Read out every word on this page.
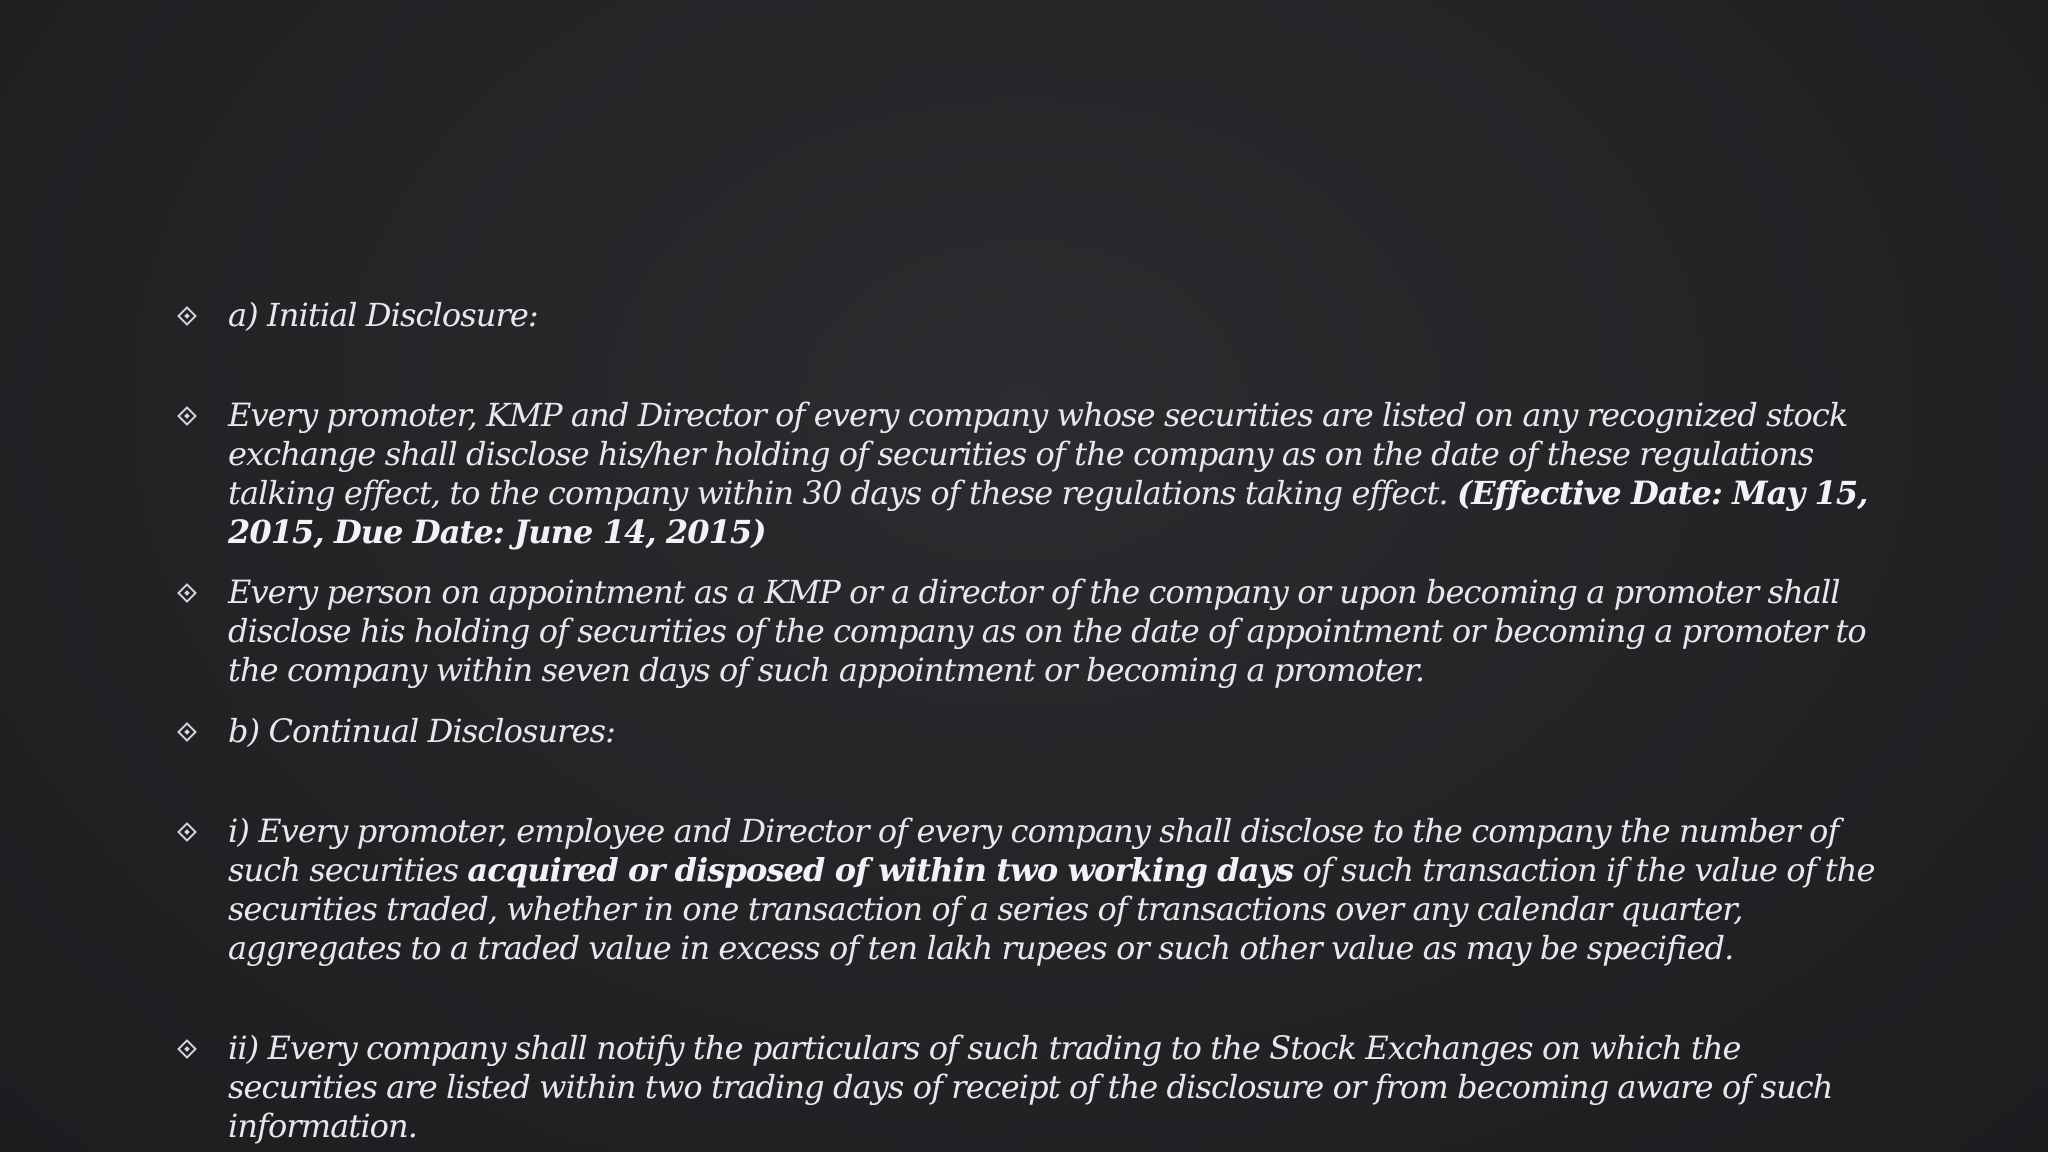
a) Initial Disclosure:
Every promoter, KMP and Director of every company whose securities are listed on any recognized stock exchange shall disclose his/her holding of securities of the company as on the date of these regulations talking effect, to the company within 30 days of these regulations taking effect. (Effective Date: May 15, 2015, Due Date: June 14, 2015)
Every person on appointment as a KMP or a director of the company or upon becoming a promoter shall disclose his holding of securities of the company as on the date of appointment or becoming a promoter to the company within seven days of such appointment or becoming a promoter.
b) Continual Disclosures:
i) Every promoter, employee and Director of every company shall disclose to the company the number of such securities acquired or disposed of within two working days of such transaction if the value of the securities traded, whether in one transaction of a series of transactions over any calendar quarter, aggregates to a traded value in excess of ten lakh rupees or such other value as may be specified.
ii) Every company shall notify the particulars of such trading to the Stock Exchanges on which the securities are listed within two trading days of receipt of the disclosure or from becoming aware of such information.
